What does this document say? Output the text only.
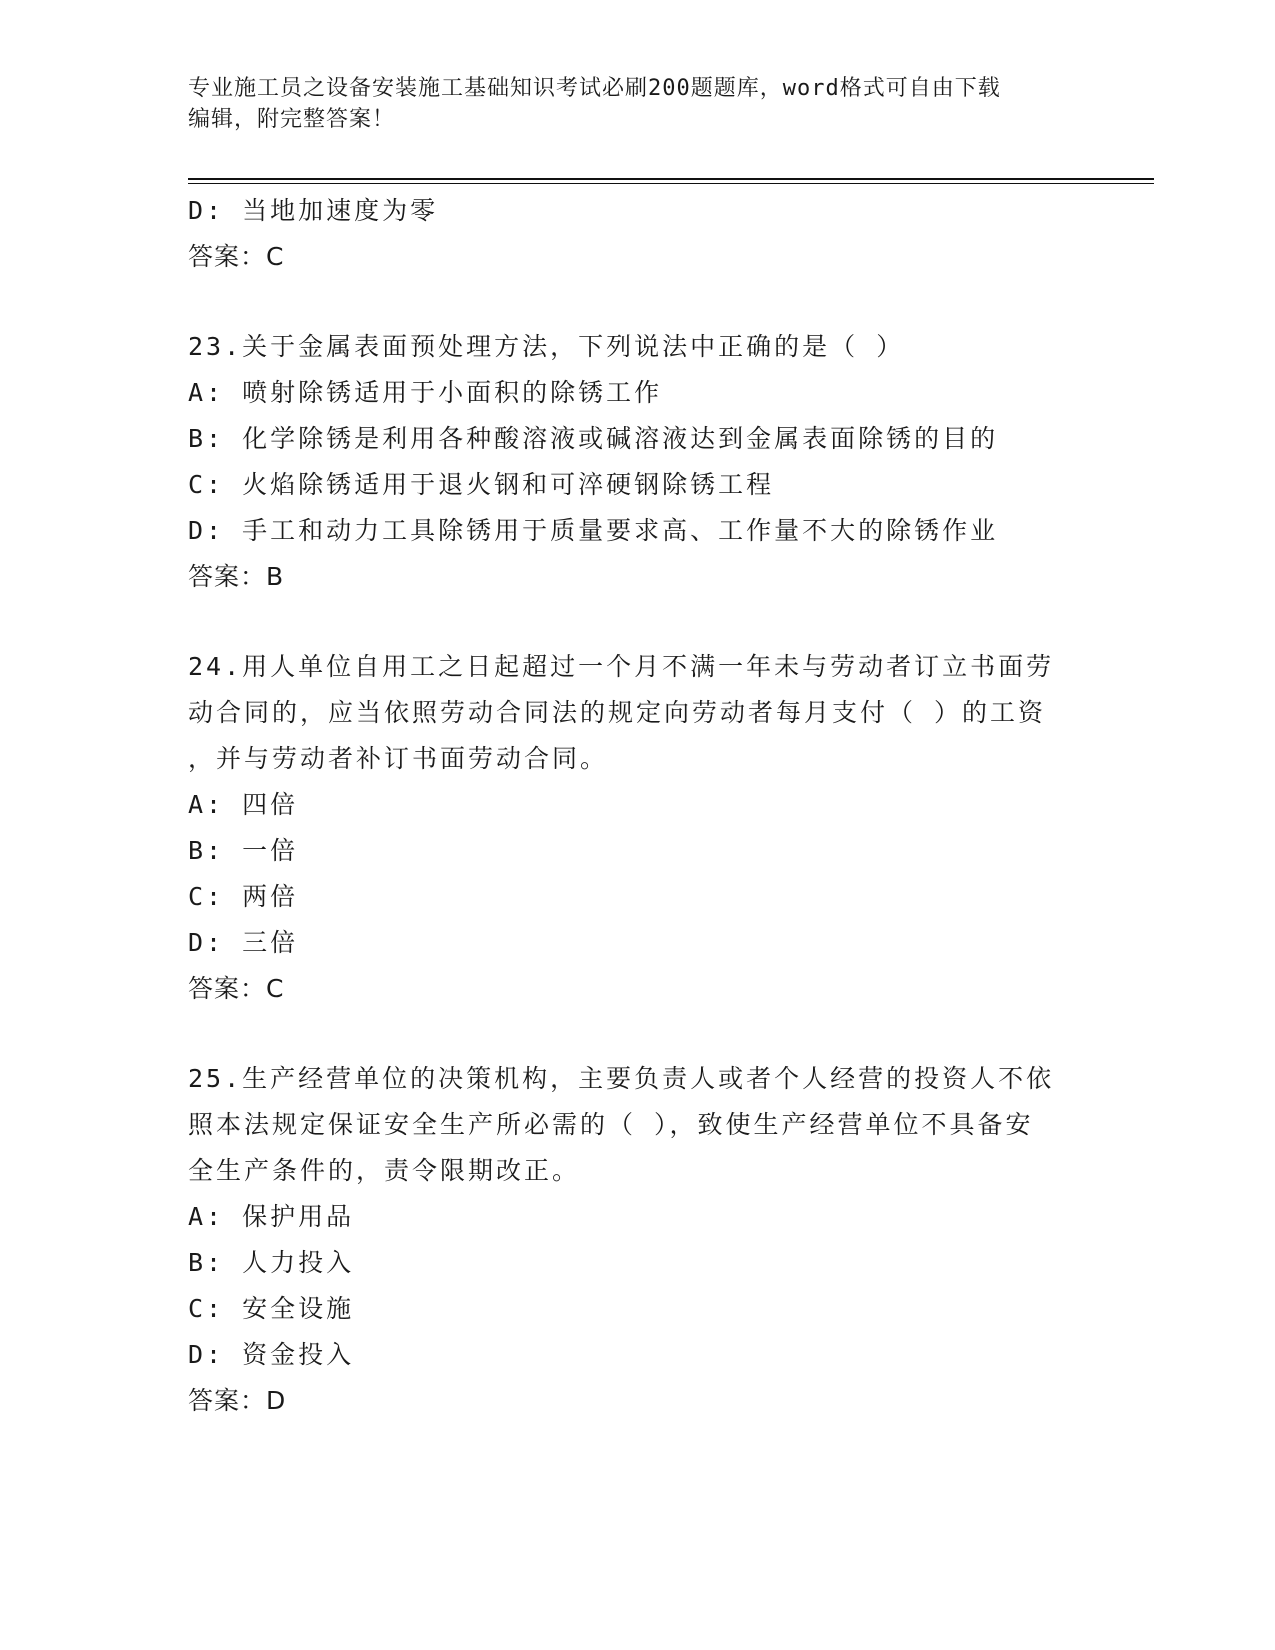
专业施工员之设备安装施工基础知识考试必刷200题题库，word格式可自由下载
编辑，附完整答案！
D: 当地加速度为零
答案：C
23.关于金属表面预处理方法，下列说法中正确的是（ ）
A: 喷射除锈适用于小面积的除锈工作
B: 化学除锈是利用各种酸溶液或碱溶液达到金属表面除锈的目的
C: 火焰除锈适用于退火钢和可淬硬钢除锈工程
D: 手工和动力工具除锈用于质量要求高、工作量不大的除锈作业
答案：B
24.用人单位自用工之日起超过一个月不满一年未与劳动者订立书面劳
动合同的，应当依照劳动合同法的规定向劳动者每月支付（ ）的工资
，并与劳动者补订书面劳动合同。
A: 四倍
B: 一倍
C: 两倍
D: 三倍
答案：C
25.生产经营单位的决策机构，主要负责人或者个人经营的投资人不依
照本法规定保证安全生产所必需的（ ），致使生产经营单位不具备安
全生产条件的，责令限期改正。
A: 保护用品
B: 人力投入
C: 安全设施
D: 资金投入
答案：D
